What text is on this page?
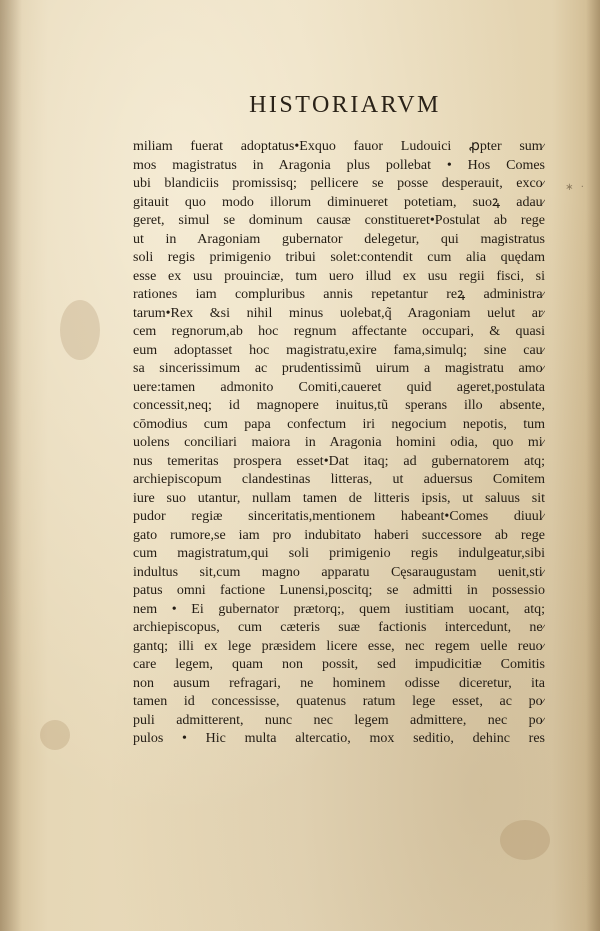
HISTORIARVM
∗ ·
miliam fuerat adoptatus•Exquo fauor Ludouici ꝓpter sum⁄
mos magistratus in Aragonia plus pollebat • Hos Comes
ubi blandiciis promissisq; pellicere se posse desperauit, exco⁄
gitauit quo modo illorum diminueret potetiam, suoꝝ adau⁄
geret, simul se dominum causæ constitueret•Postulat ab rege
ut in Aragoniam gubernator delegetur, qui magistratus
soli regis primigenio tribui solet:contendit cum alia quędam
esse ex usu prouinciæ, tum uero illud ex usu regii fisci, si
rationes iam compluribus annis repetantur reꝝ administra⁄
tarum•Rex &si nihil minus uolebat,q̃ Aragoniam uelut ar⁄
cem regnorum,ab hoc regnum affectante occupari, & quasi
eum adoptasset hoc magistratu,exire fama,simulq; sine cau⁄
sa sincerissimum ac prudentissimũ uirum a magistratu amo⁄
uere:tamen admonito Comiti,caueret quid ageret,postulata
concessit,neq; id magnopere inuitus,tũ sperans illo absente,
cōmodius cum papa confectum iri negocium nepotis, tum
uolens conciliari maiora in Aragonia homini odia, quo mi⁄
nus temeritas prospera esset•Dat itaq; ad gubernatorem atq;
archiepiscopum clandestinas litteras, ut aduersus Comitem
iure suo utantur, nullam tamen de litteris ipsis, ut saluus sit
pudor regiæ sinceritatis,mentionem habeant•Comes diuul⁄
gato rumore,se iam pro indubitato haberi successore ab rege
cum magistratum,qui soli primigenio regis indulgeatur,sibi
indultus sit,cum magno apparatu Cęsaraugustam uenit,sti⁄
patus omni factione Lunensi,poscitq; se admitti in possessio
nem • Ei gubernator prætorq;, quem iustitiam uocant, atq;
archiepiscopus, cum cæteris suæ factionis intercedunt, ne⁄
gantq; illi ex lege præsidem licere esse, nec regem uelle reuo⁄
care legem, quam non possit, sed impudicitiæ Comitis
non ausum refragari, ne hominem odisse diceretur, ita
tamen id concessisse, quatenus ratum lege esset, ac po⁄
puli admitterent, nunc nec legem admittere, nec po⁄
pulos • Hic multa altercatio, mox seditio, dehinc res
